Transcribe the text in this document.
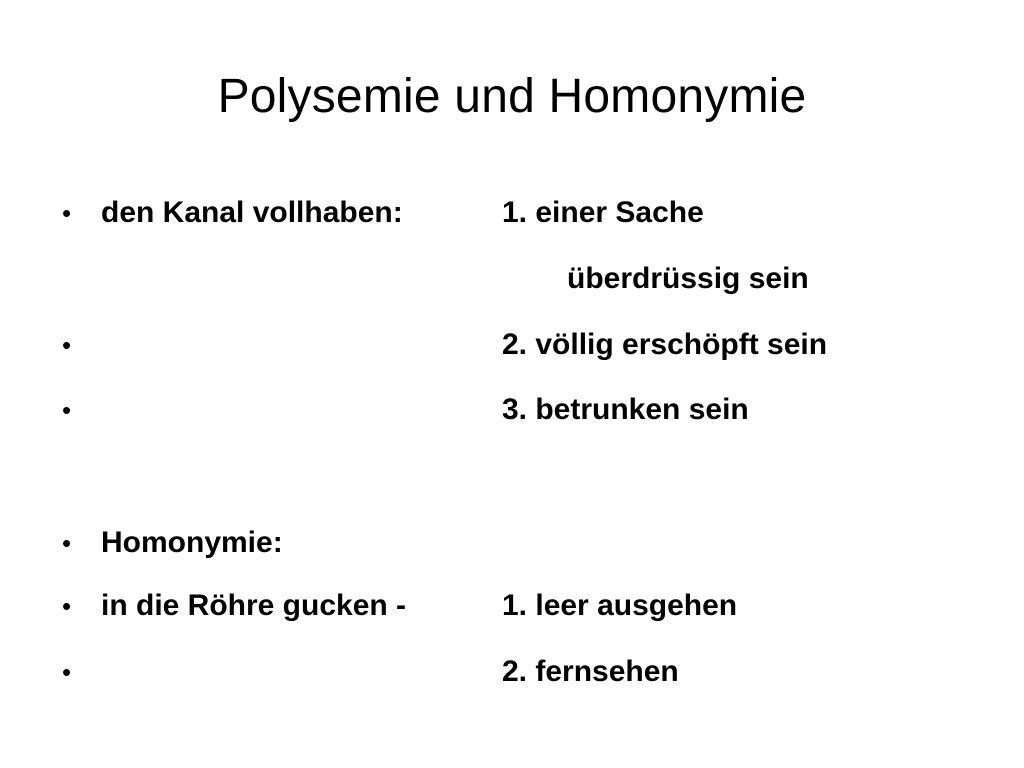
Polysemie und Homonymie
• den Kanal vollhaben:	1. einer Sache
überdrüssig sein
•	2. völlig erschöpft sein
•	3. betrunken sein
• Homonymie:
• in die Röhre gucken -	1. leer ausgehen
•	2. fernsehen
